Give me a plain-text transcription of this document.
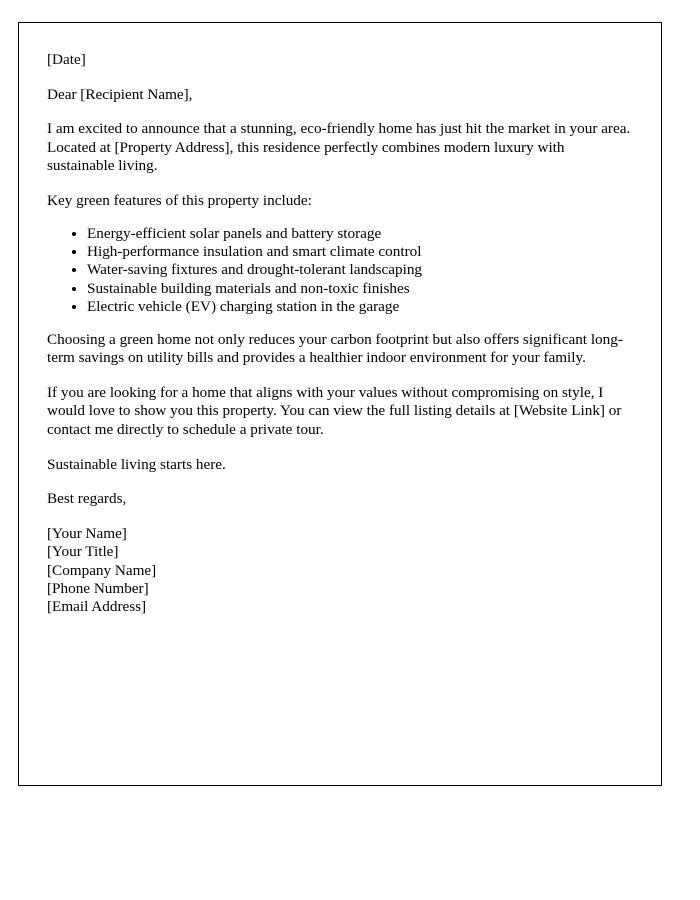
[Date]

Dear [Recipient Name],

I am excited to announce that a stunning, eco-friendly home has just hit the market in your area. Located at [Property Address], this residence perfectly combines modern luxury with sustainable living.

Key green features of this property include:

• Energy-efficient solar panels and battery storage
• High-performance insulation and smart climate control
• Water-saving fixtures and drought-tolerant landscaping
• Sustainable building materials and non-toxic finishes
• Electric vehicle (EV) charging station in the garage

Choosing a green home not only reduces your carbon footprint but also offers significant long-term savings on utility bills and provides a healthier indoor environment for your family.

If you are looking for a home that aligns with your values without compromising on style, I would love to show you this property. You can view the full listing details at [Website Link] or contact me directly to schedule a private tour.

Sustainable living starts here.

Best regards,

[Your Name]
[Your Title]
[Company Name]
[Phone Number]
[Email Address]
